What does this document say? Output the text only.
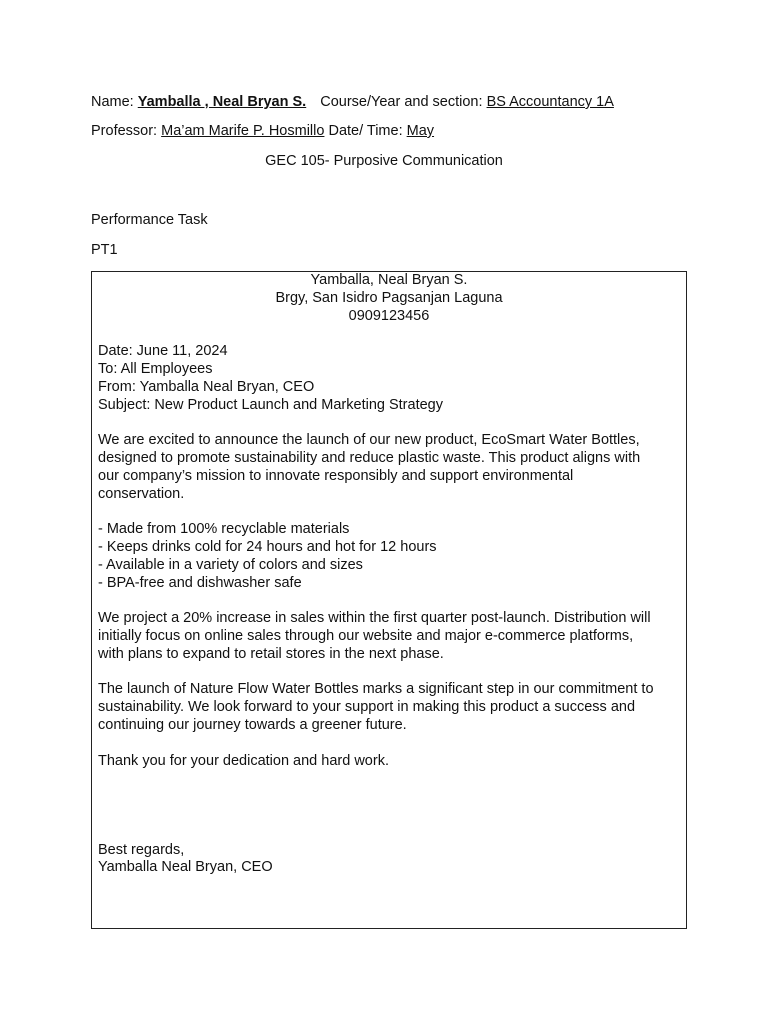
Name: Yamballa , Neal Bryan S. Course/Year and section: BS Accountancy 1A
Professor: Ma’am Marife P. Hosmillo Date/ Time: May
GEC 105- Purposive Communication
Performance Task
PT1
Yamballa, Neal Bryan S.
Brgy, San Isidro Pagsanjan Laguna
0909123456
Date: June 11, 2024
To: All Employees
From: Yamballa Neal Bryan, CEO
Subject: New Product Launch and Marketing Strategy
We are excited to announce the launch of our new product, EcoSmart Water Bottles,
designed to promote sustainability and reduce plastic waste. This product aligns with
our company’s mission to innovate responsibly and support environmental
conservation.
- Made from 100% recyclable materials
- Keeps drinks cold for 24 hours and hot for 12 hours
- Available in a variety of colors and sizes
- BPA-free and dishwasher safe
We project a 20% increase in sales within the first quarter post-launch. Distribution will
initially focus on online sales through our website and major e-commerce platforms,
with plans to expand to retail stores in the next phase.
The launch of Nature Flow Water Bottles marks a significant step in our commitment to
sustainability. We look forward to your support in making this product a success and
continuing our journey towards a greener future.
Thank you for your dedication and hard work.
Best regards,
Yamballa Neal Bryan, CEO
